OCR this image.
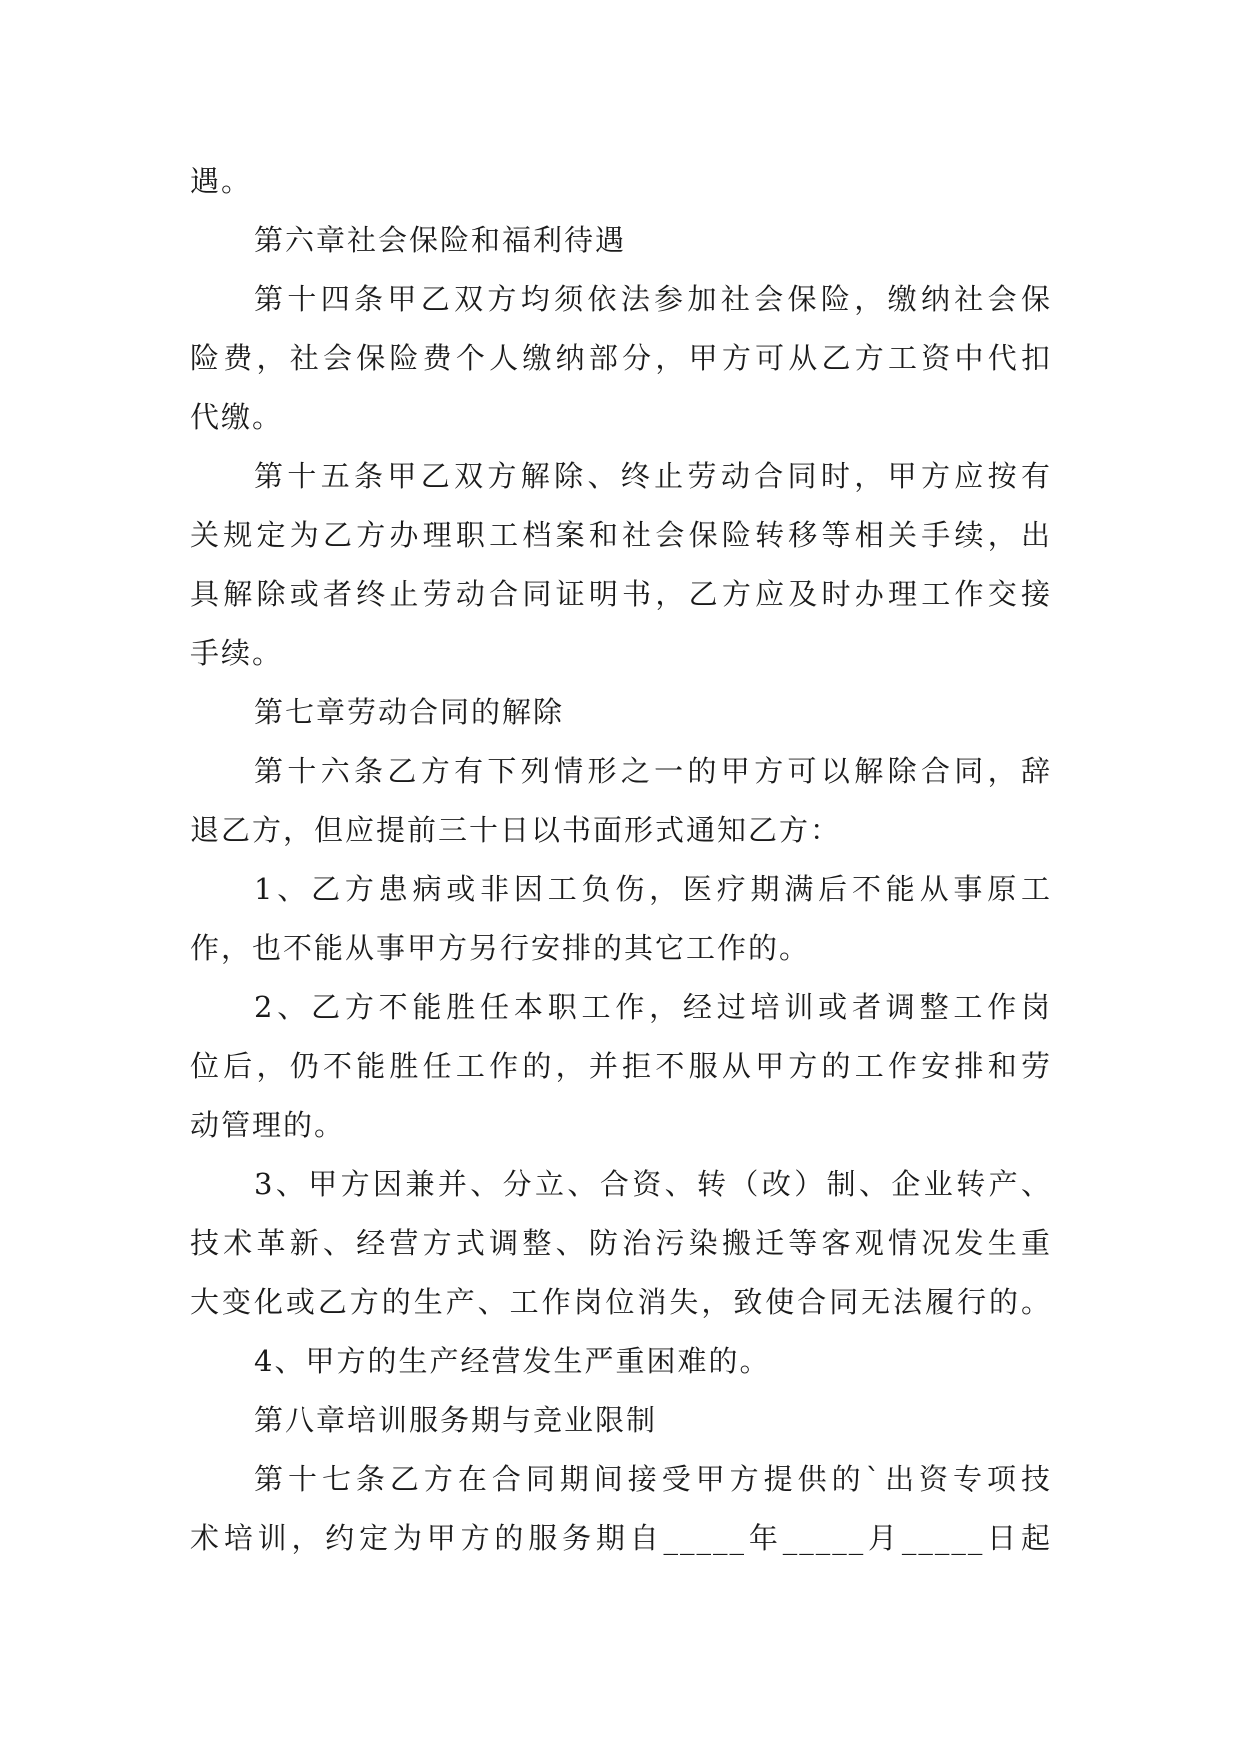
遇。
第六章社会保险和福利待遇
第十四条甲乙双方均须依法参加社会保险，缴纳社会保
险费，社会保险费个人缴纳部分，甲方可从乙方工资中代扣
代缴。
第十五条甲乙双方解除、终止劳动合同时，甲方应按有
关规定为乙方办理职工档案和社会保险转移等相关手续，出
具解除或者终止劳动合同证明书，乙方应及时办理工作交接
手续。
第七章劳动合同的解除
第十六条乙方有下列情形之一的甲方可以解除合同，辞
退乙方，但应提前三十日以书面形式通知乙方：
1、乙方患病或非因工负伤，医疗期满后不能从事原工
作，也不能从事甲方另行安排的其它工作的。
2、乙方不能胜任本职工作，经过培训或者调整工作岗
位后，仍不能胜任工作的，并拒不服从甲方的工作安排和劳
动管理的。
3、甲方因兼并、分立、合资、转（改）制、企业转产、
技术革新、经营方式调整、防治污染搬迁等客观情况发生重
大变化或乙方的生产、工作岗位消失，致使合同无法履行的。
4、甲方的生产经营发生严重困难的。
第八章培训服务期与竞业限制
第十七条乙方在合同期间接受甲方提供的`出资专项技
术培训，约定为甲方的服务期自_____年_____月_____日起
